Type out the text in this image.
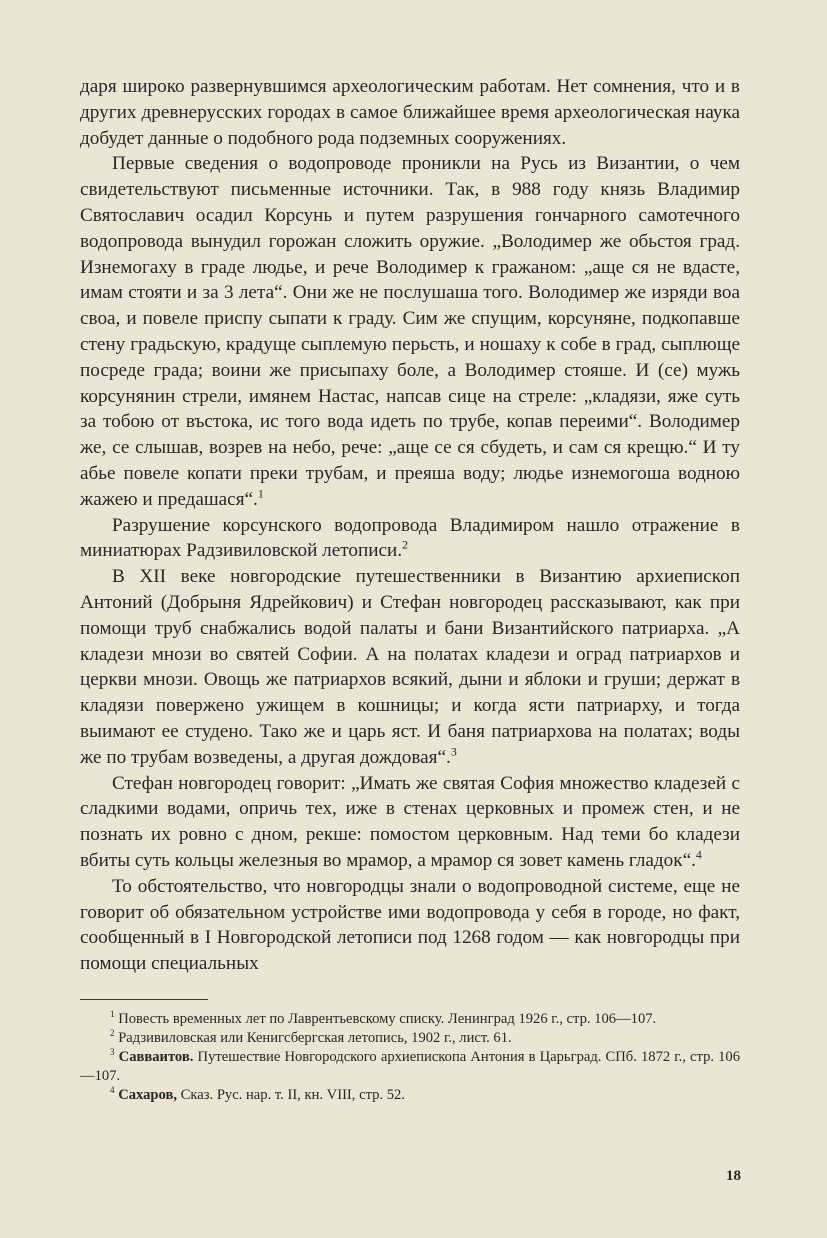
даря широко развернувшимся археологическим работам. Нет сомнения, что и в других древнерусских городах в самое ближайшее время археологическая наука добудет данные о подобного рода подземных сооружениях.

Первые сведения о водопроводе проникли на Русь из Византии, о чем свидетельствуют письменные источники. Так, в 988 году князь Владимир Святославич осадил Корсунь и путем разрушения гончарного самотечного водопровода вынудил горожан сложить оружие. „Володимер же обьстоя град. Изнемогаху в граде людье, и рече Володимер к гражаном: „аще ся не вдасте, имам стояти и за 3 лета“. Они же не послушаша того. Володимер же изряди воа своа, и повеле приспу сыпати к граду. Сим же спущим, корсуняне, подкопавше стену градьскую, крадуще сыплемую перьсть, и ношаху к собе в град, сыплюще посреде града; воини же присыпаху боле, а Володимер стояше. И (се) мужь корсунянин стрели, имянем Настас, напсав сице на стреле: „кладязи, яже суть за тобою от въстока, ис того вода идеть по трубе, копав переими“. Володимер же, се слышав, возрев на небо, рече: „аще се ся сбудеть, и сам ся крещю.“ И ту абье повеле копати преки трубам, и преяша воду; людье изнемогоша водною жажею и предашася“.$^1$

Разрушение корсунского водопровода Владимиром нашло отражение в миниатюрах Радзивиловской летописи.$^2$

В XII веке новгородские путешественники в Византию архиепископ Антоний (Добрыня Ядрейкович) и Стефан новгородец рассказывают, как при помощи труб снабжались водой палаты и бани Византийского патриарха. „А кладези мнози во святей Софии. А на полатах кладези и оград патриархов и церкви мнози. Овощь же патриархов всякий, дыни и яблоки и груши; держат в кладязи поверженo ужищем в кошницы; и когда ясти патриарху, и тогда выимают ее студено. Тако же и царь яст. И баня патриархова на полатах; воды же по трубам возведены, а другая дождовая“.$^3$

Стефан новгородец говорит: „Имать же святая София множество кладезей с сладкими водами, опричь тех, иже в стенах церковных и промеж стен, и не познать их ровно с дном, рекше: помостом церковным. Над теми бо кладези вбиты суть кольцы железныя во мрамор, а мрамор ся зовет камень гладок“.$^4$

То обстоятельство, что новгородцы знали о водопроводной системе, еще не говорит об обязательном устройстве ими водопровода у себя в городе, но факт, сообщенный в I Новгородской летописи под 1268 годом — как новгородцы при помощи специальных

$^1$ Повесть временных лет по Лаврентьевскому списку. Ленинград 1926 г., стр. 106—107.

$^2$ Радзивиловская или Кенигсбергская летопись, 1902 г., лист. 61.

$^3$ Савваитов. Путешествие Новгородского архиепископа Антония в Царьград. СПб. 1872 г., стр. 106—107.

$^4$ Сахаров, Сказ. Рус. нар. т. II, кн. VIII, стр. 52.

18
